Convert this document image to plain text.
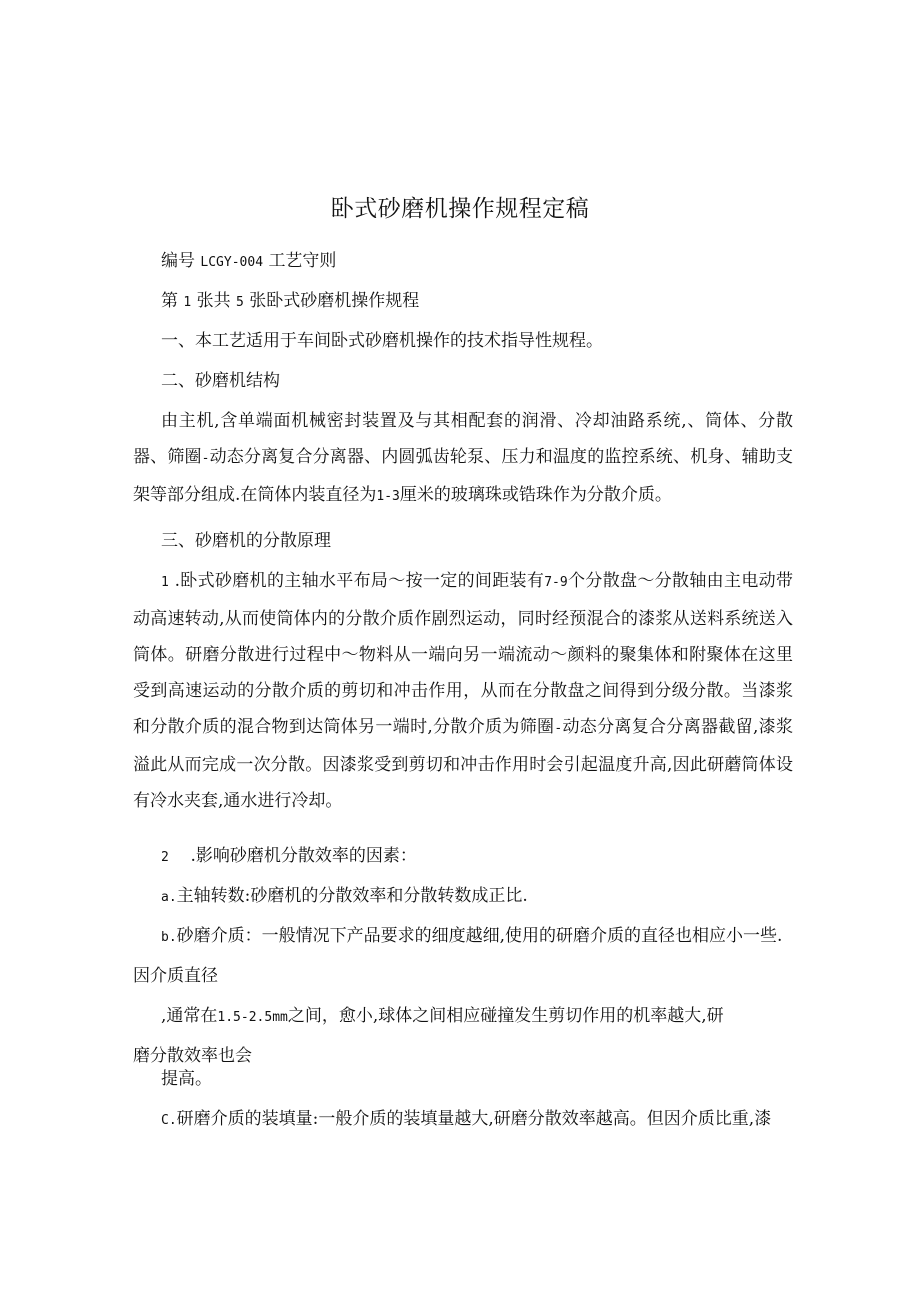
卧式砂磨机操作规程定稿

编号 LCGY-004 工艺守则

第 1 张共 5 张卧式砂磨机操作规程

一、本工艺适用于车间卧式砂磨机操作的技术指导性规程。

二、砂磨机结构

由主机,含单端面机械密封装置及与其相配套的润滑、冷却油路系统,、筒体、分散器、筛圈-动态分离复合分离器、内圆弧齿轮泵、压力和温度的监控系统、机身、辅助支架等部分组成.在筒体内装直径为1-3厘米的玻璃珠或锆珠作为分散介质。

三、砂磨机的分散原理

1 .卧式砂磨机的主轴水平布局～按一定的间距装有7-9个分散盘～分散轴由主电动带动高速转动,从而使筒体内的分散介质作剧烈运动，同时经预混合的漆浆从送料系统送入筒体。研磨分散进行过程中～物料从一端向另一端流动～颜料的聚集体和附聚体在这里受到高速运动的分散介质的剪切和冲击作用，从而在分散盘之间得到分级分散。当漆浆和分散介质的混合物到达筒体另一端时,分散介质为筛圈-动态分离复合分离器截留,漆浆溢此从而完成一次分散。因漆浆受到剪切和冲击作用时会引起温度升高,因此研蘑筒体设有冷水夹套,通水进行冷却。

2 .影响砂磨机分散效率的因素：

a.主轴转数:砂磨机的分散效率和分散转数成正比.

b.砂磨介质：一般情况下产品要求的细度越细,使用的研磨介质的直径也相应小一些.

因介质直径

,通常在1.5-2.5mm之间，愈小,球体之间相应碰撞发生剪切作用的机率越大,研

磨分散效率也会

提高。

C.研磨介质的装填量:一般介质的装填量越大,研磨分散效率越高。但因介质比重,漆
